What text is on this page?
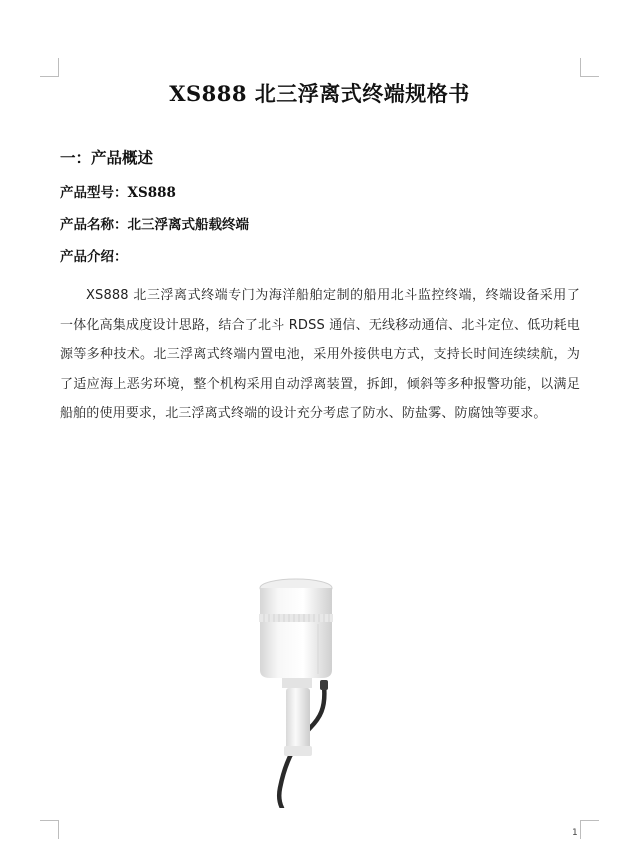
XS888 北三浮离式终端规格书
一：产品概述
产品型号：XS888
产品名称：北三浮离式船载终端
产品介绍：

XS888 北三浮离式终端专门为海洋船舶定制的船用北斗监控终端，终端设备采用了一体化高集成度设计思路，结合了北斗 RDSS 通信、无线移动通信、北斗定位、低功耗电源等多种技术。北三浮离式终端内置电池，采用外接供电方式，支持长时间连续续航，为了适应海上恶劣环境，整个机构采用自动浮离装置，拆卸，倾斜等多种报警功能，以满足船舶的使用要求，北三浮离式终端的设计充分考虑了防水、防盐雾、防腐蚀等要求。

1
